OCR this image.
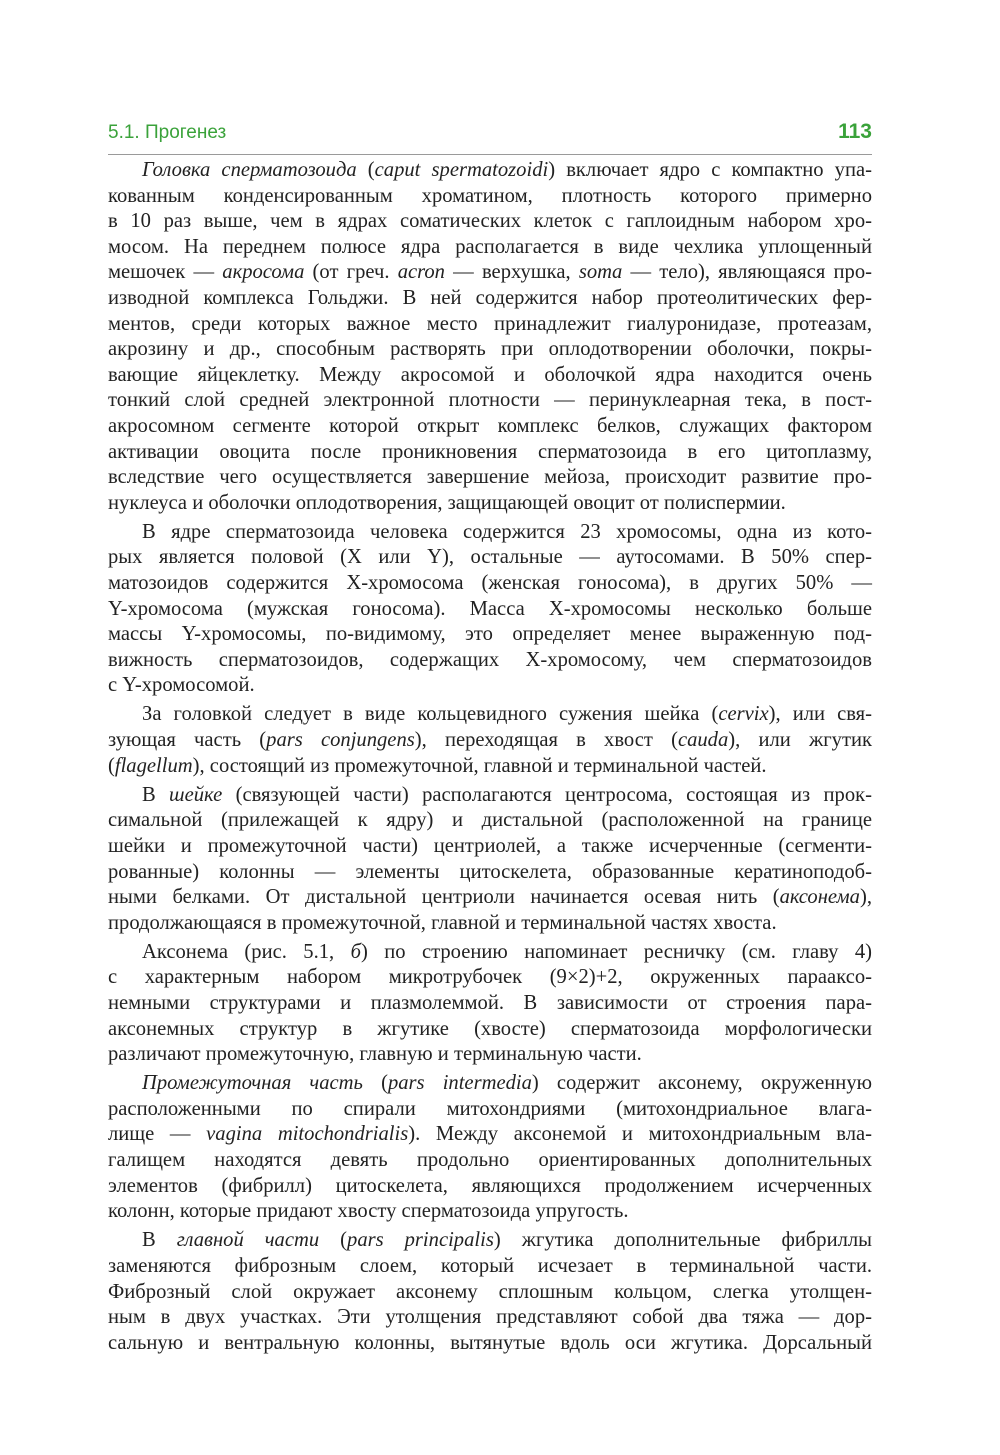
5.1. Прогенез	113
Головка сперматозоида (caput spermatozoidi) включает ядро с компактно упа-
кованным конденсированным хроматином, плотность которого примерно
в 10 раз выше, чем в ядрах соматических клеток с гаплоидным набором хро-
мосом. На переднем полюсе ядра располагается в виде чехлика уплощенный
мешочек — акросома (от греч. acron — верхушка, soma — тело), являющаяся про-
изводной комплекса Гольджи. В ней содержится набор протеолитических фер-
ментов, среди которых важное место принадлежит гиалуронидазе, протеазам,
акрозину и др., способным растворять при оплодотворении оболочки, покры-
вающие яйцеклетку. Между акросомой и оболочкой ядра находится очень
тонкий слой средней электронной плотности — перинуклеарная тека, в пост-
акросомном сегменте которой открыт комплекс белков, служащих фактором
активации овоцита после проникновения сперматозоида в его цитоплазму,
вследствие чего осуществляется завершение мейоза, происходит развитие про-
нуклеуса и оболочки оплодотворения, защищающей овоцит от полиспермии.
В ядре сперматозоида человека содержится 23 хромосомы, одна из кото-
рых является половой (X или Y), остальные — аутосомами. В 50% спер-
матозоидов содержится X-хромосома (женская гоносома), в других 50% —
Y-хромосома (мужская гоносома). Масса X-хромосомы несколько больше
массы Y-хромосомы, по-видимому, это определяет менее выраженную под-
вижность сперматозоидов, содержащих X-хромосому, чем сперматозоидов
с Y-хромосомой.
За головкой следует в виде кольцевидного сужения шейка (cervix), или свя-
зующая часть (pars conjungens), переходящая в хвост (cauda), или жгутик
(flagellum), состоящий из промежуточной, главной и терминальной частей.
В шейке (связующей части) располагаются центросома, состоящая из прок-
симальной (прилежащей к ядру) и дистальной (расположенной на границе
шейки и промежуточной части) центриолей, а также исчерченные (сегменти-
рованные) колонны — элементы цитоскелета, образованные кератиноподоб-
ными белками. От дистальной центриоли начинается осевая нить (аксонема),
продолжающаяся в промежуточной, главной и терминальной частях хвоста.
Аксонема (рис. 5.1, б) по строению напоминает ресничку (см. главу 4)
с характерным набором микротрубочек (9×2)+2, окруженных парааксо-
немными структурами и плазмолеммой. В зависимости от строения пара-
аксонемных структур в жгутике (хвосте) сперматозоида морфологически
различают промежуточную, главную и терминальную части.
Промежуточная часть (pars intermedia) содержит аксонему, окруженную
расположенными по спирали митохондриями (митохондриальное влага-
лище — vagina mitochondrialis). Между аксонемой и митохондриальным вла-
галищем находятся девять продольно ориентированных дополнительных
элементов (фибрилл) цитоскелета, являющихся продолжением исчерченных
колонн, которые придают хвосту сперматозоида упругость.
В главной части (pars principalis) жгутика дополнительные фибриллы
заменяются фиброзным слоем, который исчезает в терминальной части.
Фиброзный слой окружает аксонему сплошным кольцом, слегка утолщен-
ным в двух участках. Эти утолщения представляют собой два тяжа — дор-
сальную и вентральную колонны, вытянутые вдоль оси жгутика. Дорсальный
